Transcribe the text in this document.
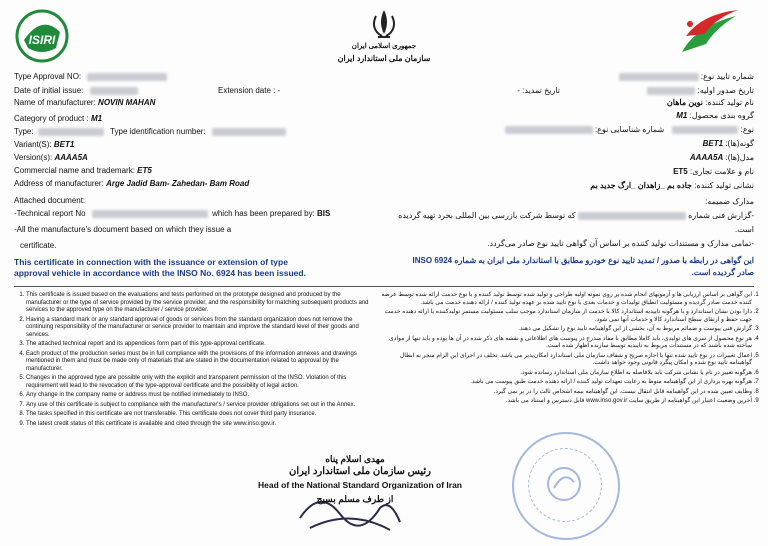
ISIRI	جمهوری اسلامی ایران
سازمان ملی استاندارد ایران
Type Approval NO:
Date of initial issue:	Extension date : -
Name of manufacturer: NOVIN MAHAN
Category of product : M1
Type:	Type identification number:
Variant(S): BET1
Version(s): AAAA5A
Commercial name and trademark: ET5
Address of manufacturer: Arge Jadid Bam- Zahedan- Bam Road
Attached document:
-Technical report No	which has been prepared by: BIS
-All the manufacture's document based on which they issue a
certificate.
شماره تایید نوع:
تاریخ صدور اولیه:
تاریخ تمدید: -
نام تولید کننده: نوین ماهان
گروه بندی محصول: M1
نوع:  شماره شناسایی نوع:
گونه(ها): BET1
مدل(ها): AAAA5A
نام و علامت تجاری: ET5
نشانی تولید کننده: جاده بم _زاهدان _ارگ جدید بم
مدارک ضمیمه:
-گزارش فنی شماره  که توسط شرکت بازرسی بین المللی بخرد تهیه گردیده
است.
-تمامی مدارک و مستندات تولید کننده بر اساس آن گواهی تایید نوع صادر می‌گردد.
This certificate in connection with the issuance or extension of type approval vehicle in accordance with the INSO No. 6924 has been issued.
این گواهی در رابطه با صدور / تمدید تایید نوع خودرو مطابق با استاندارد ملی ایران به شماره INSO 6924 صادر گردیده است.
1. This certificate is issued based on the evaluations and tests performed on the prototype designed and produced by the manufacturer or the type of service provided by the service provider, and the responsibility for matching subsequent products and services to the approved type on the manufacturer / service provider.
2. Having a standard mark or any standard approval of goods or services from the standard organization does not remove the continuing responsibility of the manufacturer or service provider to maintain and improve the standard level of their goods and services.
3. The attached technical report and its appendices form part of this type-approval certificate.
4. Each product of the production series must be in full compliance with the provisions of the information annexes and drawings mentioned in them and must be made only of materials that are stated in the documentation related to approval by the manufacturer.
5. Changes in the approved type are possible only with the explicit and transparent permission of the INSO. Violation of this requirement will lead to the revocation of the type-approval certificate and the possibility of legal action.
6. Any change in the company name or address must be notified immediately to INSO.
7. Any use of this certificate is subject to compliance with the manufacturer's / service provider obligations set out in the Annex.
8. The tasks specified in this certificate are not transferable. This certificate does not cover third party insurance.
9. The latest credit status of this certificate is available and cited through the site www.inso.gov.ir.
1. این گواهی بر اساس ارزیابی ها و آزمونهای انجام شده بر روی نمونه اولیه طراحی و تولید شده توسط تولید کننده و یا نوع خدمت ارائه شده توسط عرضه کننده خدمت صادر گردیده و مسئولیت انطباق تولیدات و خدمات بعدی با نوع تایید شده بر عهده تولید کننده / ارائه دهنده خدمت می باشد.
2. دارا بودن نشان استاندارد و یا هرگونه تاییدیه استاندارد کالا یا خدمت از سازمان استاندارد موجب سلب مسئولیت مستمر تولید‌کننده یا ارائه دهنده خدمت جهت حفظ و ارتقای سطح استاندارد کالا و خدمات آنها نمی شود.
3. گزارش فنی پیوست و ضمائم مربوط به آن، بخشی از این گواهینامه تایید نوع را تشکیل می دهند.
4. هر نوع محصول از سری های تولیدی، باید کاملا مطابق با مفاد مندرج در پیوست های اطلاعاتی و نقشه های ذکر شده در آن ها بوده و باید تنها از موادی ساخته شده باشند که در مستندات مربوط به تاییدیه توسط سازنده اظهار شده است.
5. اعمال تغییرات در نوع تایید شده تنها با اجازه صریح و شفاف سازمان ملی استاندارد امکان‌پذیر می باشد. تخلف در اجرای این الزام منجر به ابطال گواهینامه تایید نوع شده و امکان پیگرد قانونی وجود خواهد داشت.
6. هرگونه تغییر در نام یا نشانی شرکت باید بلافاصله به اطلاع سازمان ملی استاندارد رسانده شود.
7. هرگونه بهره برداری از این گواهینامه منوط به رعایت تعهدات تولید کننده / ارائه دهنده خدمت طبق پیوست می باشد.
8. وظایف تعیین شده در این گواهینامه قابل انتقال نیست. این گواهینامه بیمه اشخاص ثالث را در بر نمی گیرد.
9. آخرین وضعیت اعتبار این گواهینامه از طریق سایت www.inso.gov.ir قابل دسترس و استناد می باشد.
مهدی اسلام پناه
رئیس سازمان ملی استاندارد ایران
Head of the National Standard Organization of Iran
از طرف مسلم بسیج
